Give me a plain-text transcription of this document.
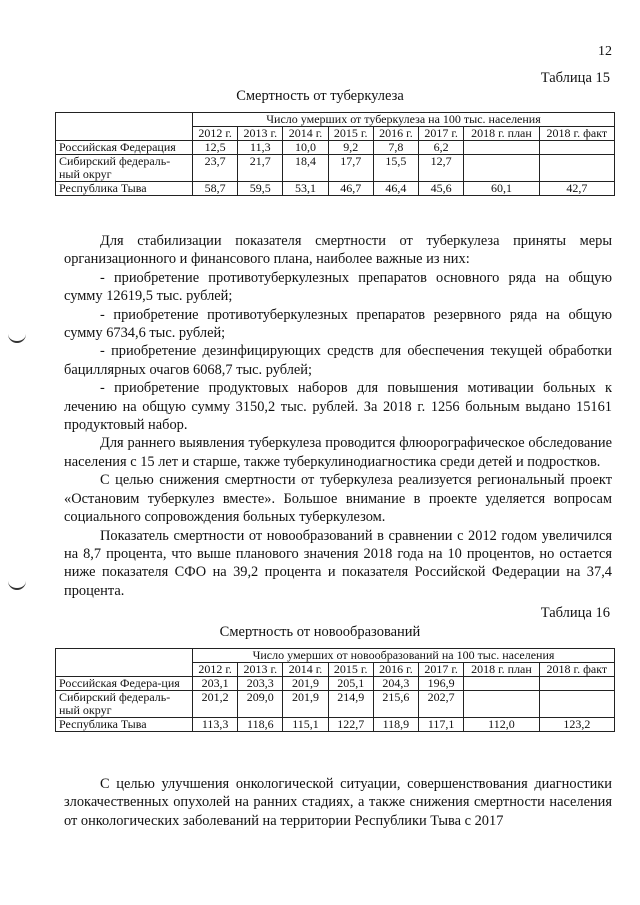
12
Таблица 15
Смертность от туберкулеза
	Число умерших от туберкулеза на 100 тыс. населения							
	2012 г.	2013 г.	2014 г.	2015 г.	2016 г.	2017 г.	2018 г. план	2018 г. факт
Российская Федерация	12,5	11,3	10,0	9,2	7,8	6,2		
Сибирский федераль-ный округ	23,7	21,7	18,4	17,7	15,5	12,7		
Республика Тыва	58,7	59,5	53,1	46,7	46,4	45,6	60,1	42,7

Для стабилизации показателя смертности от туберкулеза приняты меры организационного и финансового плана, наиболее важные из них:

- приобретение противотуберкулезных препаратов основного ряда на общую сумму 12619,5 тыс. рублей;

- приобретение противотуберкулезных препаратов резервного ряда на общую сумму 6734,6 тыс. рублей;

- приобретение дезинфицирующих средств для обеспечения текущей обработки бациллярных очагов 6068,7 тыс. рублей;

- приобретение продуктовых наборов для повышения мотивации больных к лечению на общую сумму 3150,2 тыс. рублей. За 2018 г. 1256 больным выдано 15161 продуктовый набор.

Для раннего выявления туберкулеза проводится флюорографическое обследование населения с 15 лет и старше, также туберкулинодиагностика среди детей и подростков.

С целью снижения смертности от туберкулеза реализуется региональный проект «Остановим туберкулез вместе». Большое внимание в проекте уделяется вопросам социального сопровождения больных туберкулезом.

Показатель смертности от новообразований в сравнении с 2012 годом увеличился на 8,7 процента, что выше планового значения 2018 года на 10 процентов, но остается ниже показателя СФО на 39,2 процента и показателя Российской Федерации на 37,4 процента.

Таблица 16
Смертность от новообразований
	Число умерших от новообразований на 100 тыс. населения							
	2012 г.	2013 г.	2014 г.	2015 г.	2016 г.	2017 г.	2018 г. план	2018 г. факт
Российская Федера-ция	203,1	203,3	201,9	205,1	204,3	196,9		
Сибирский федераль-ный округ	201,2	209,0	201,9	214,9	215,6	202,7		
Республика Тыва	113,3	118,6	115,1	122,7	118,9	117,1	112,0	123,2

С целью улучшения онкологической ситуации, совершенствования диагностики злокачественных опухолей на ранних стадиях, а также снижения смертности населения от онкологических заболеваний на территории Республики Тыва с 2017
